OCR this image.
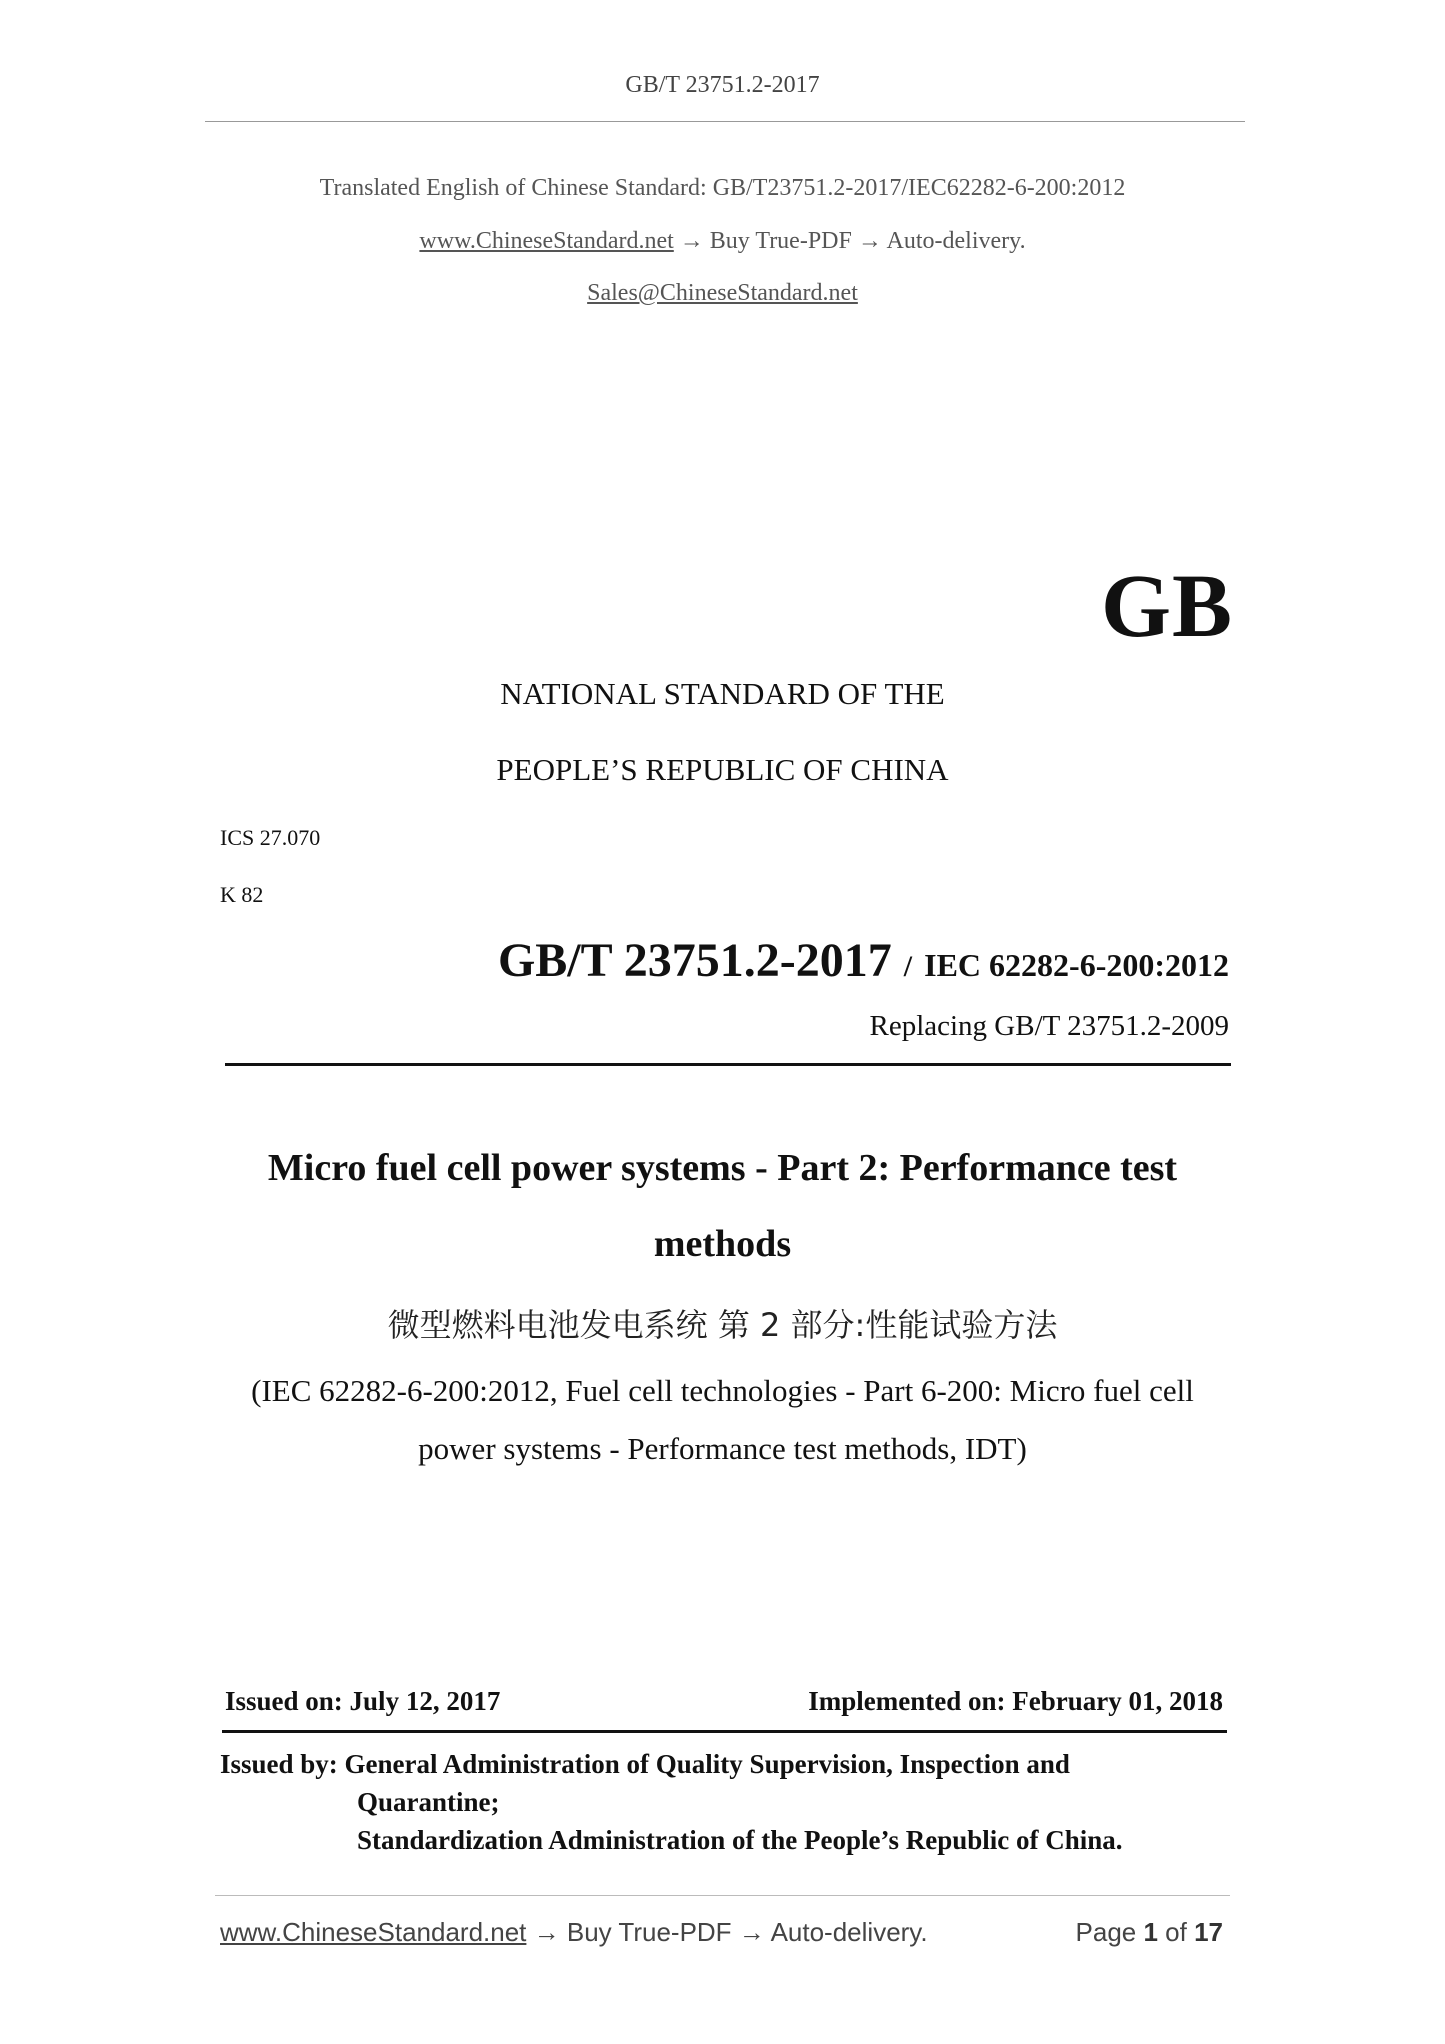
GB/T 23751.2-2017
Translated English of Chinese Standard: GB/T23751.2-2017/IEC62282-6-200:2012
www.ChineseStandard.net → Buy True-PDF → Auto-delivery.
Sales@ChineseStandard.net
GB
NATIONAL STANDARD OF THE
PEOPLE’S REPUBLIC OF CHINA
ICS 27.070
K 82
GB/T 23751.2-2017 / IEC 62282-6-200:2012
Replacing GB/T 23751.2-2009
Micro fuel cell power systems - Part 2: Performance test
methods
微型燃料电池发电系统 第 2 部分:性能试验方法
(IEC 62282-6-200:2012, Fuel cell technologies - Part 6-200: Micro fuel cell
power systems - Performance test methods, IDT)
Issued on: July 12, 2017	Implemented on: February 01, 2018
Issued by: General Administration of Quality Supervision, Inspection and
Quarantine;
Standardization Administration of the People’s Republic of China.
www.ChineseStandard.net → Buy True-PDF → Auto-delivery.	Page 1 of 17
